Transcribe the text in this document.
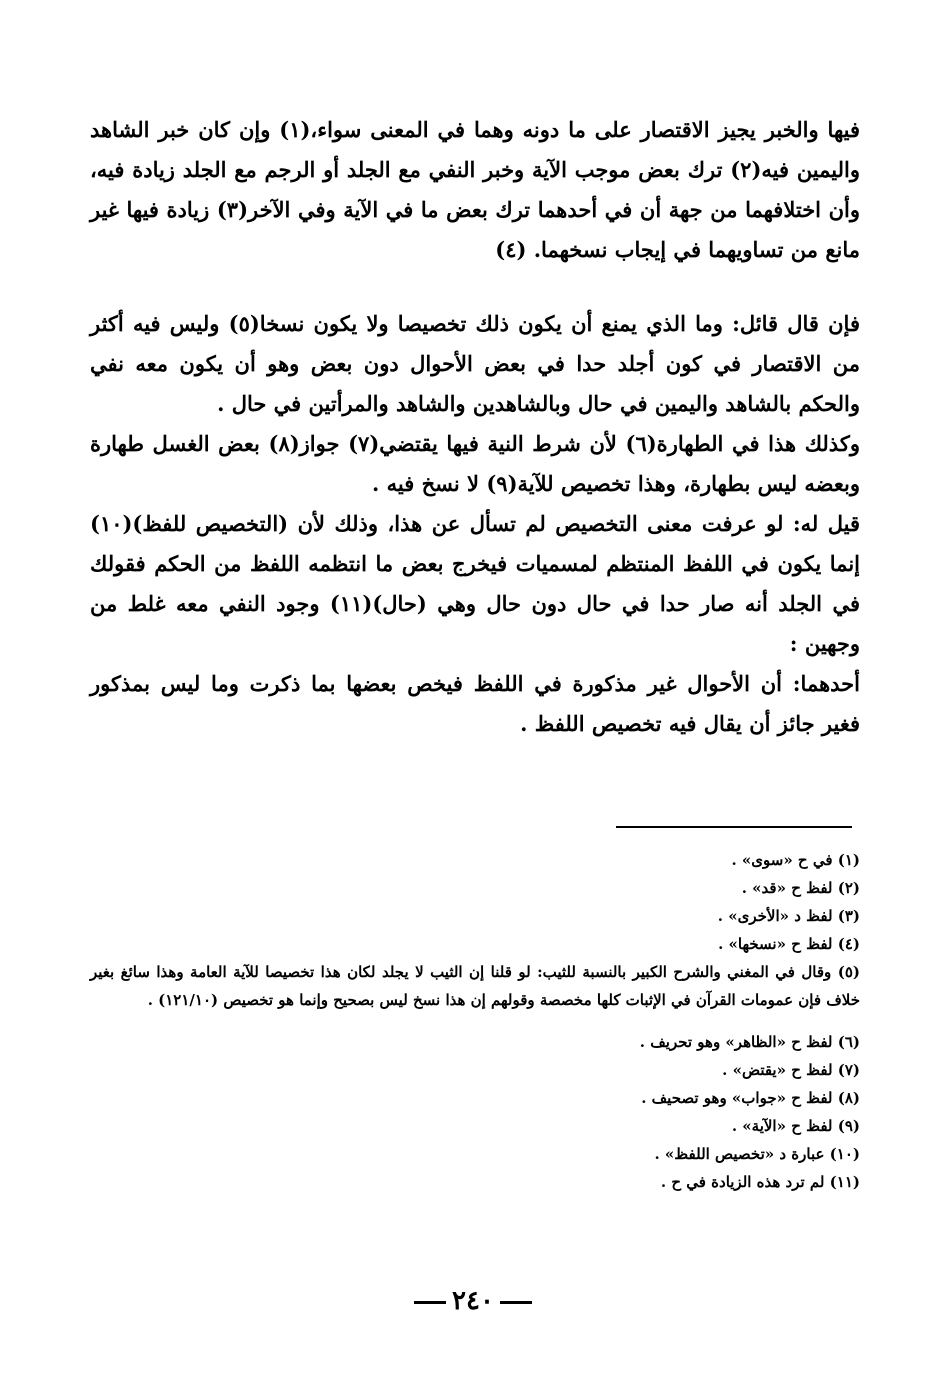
فيها والخبر يجيز الاقتصار على ما دونه وهما في المعنى سواء،(١) وإن كان خبر الشاهد واليمين فيه(٢) ترك بعض موجب الآية وخبر النفي مع الجلد أو الرجم مع الجلد زيادة فيه، وأن اختلافهما من جهة أن في أحدهما ترك بعض ما في الآية وفي الآخر(٣) زيادة فيها غير مانع من تساويهما في إيجاب نسخهما. (٤)

فإن قال قائل: وما الذي يمنع أن يكون ذلك تخصيصا ولا يكون نسخا(٥) وليس فيه أكثر من الاقتصار في كون أجلد حدا في بعض الأحوال دون بعض وهو أن يكون معه نفي والحكم بالشاهد واليمين في حال وبالشاهدين والشاهد والمرأتين في حال .

وكذلك هذا في الطهارة(٦) لأن شرط النية فيها يقتضي(٧) جواز(٨) بعض الغسل طهارة وبعضه ليس بطهارة، وهذا تخصيص للآية(٩) لا نسخ فيه .

قيل له: لو عرفت معنى التخصيص لم تسأل عن هذا، وذلك لأن (التخصيص للفظ)(١٠) إنما يكون في اللفظ المنتظم لمسميات فيخرج بعض ما انتظمه اللفظ من الحكم فقولك في الجلد أنه صار حدا في حال دون حال وهي (حال)(١١) وجود النفي معه غلط من وجهين :

أحدهما: أن الأحوال غير مذكورة في اللفظ فيخص بعضها بما ذكرت وما ليس بمذكور فغير جائز أن يقال فيه تخصيص اللفظ .

(١) في ح «سوى» .

(٢) لفظ ح «قد» .

(٣) لفظ د «الأخرى» .

(٤) لفظ ح «نسخها» .

(٥) وقال في المغني والشرح الكبير بالنسبة للثيب: لو قلنا إن الثيب لا يجلد لكان هذا تخصيصا للآية العامة وهذا سائغ بغير خلاف فإن عمومات القرآن في الإثبات كلها مخصصة وقولهم إن هذا نسخ ليس بصحيح وإنما هو تخصيص (١٢١/١٠) .

(٦) لفظ ح «الظاهر» وهو تحريف .

(٧) لفظ ح «يقتض» .

(٨) لفظ ح «جواب» وهو تصحيف .

(٩) لفظ ح «الآية» .

(١٠) عبارة د «تخصيص اللفظ» .

(١١) لم ترد هذه الزيادة في ح .

٢٤٠
